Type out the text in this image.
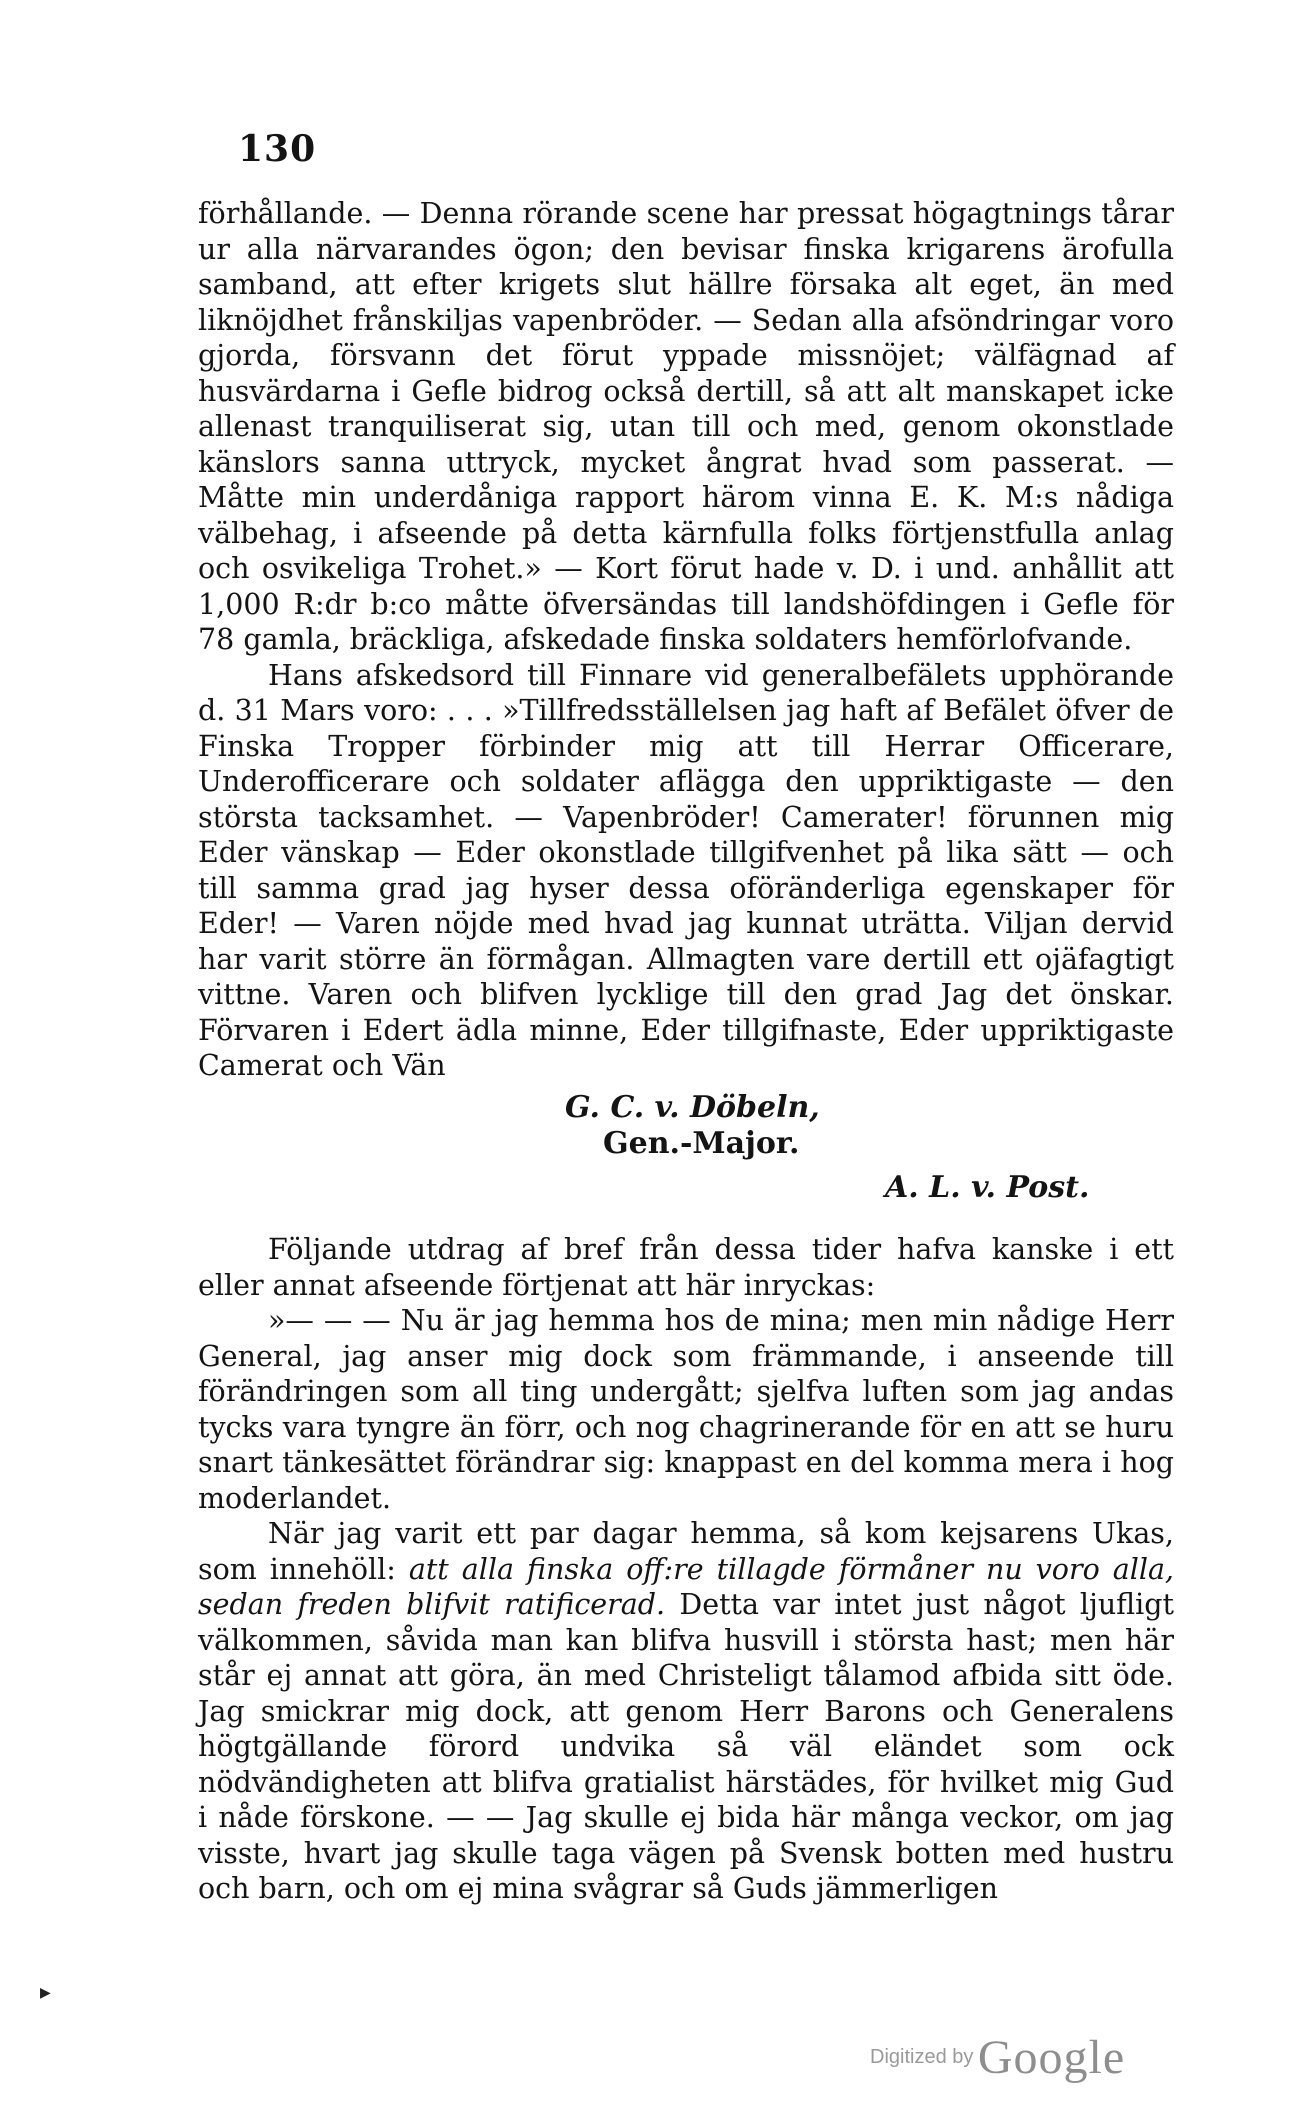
130

förhållande. — Denna rörande scene har pressat högagtnings tårar ur alla närvarandes ögon; den bevisar finska krigarens ärofulla samband, att efter krigets slut hällre försaka alt eget, än med liknöjdhet frånskiljas vapenbröder. — Sedan alla afsöndringar voro gjorda, försvann det förut yppade missnöjet; välfägnad af husvärdarna i Gefle bidrog också dertill, så att alt manskapet icke allenast tranquiliserat sig, utan till och med, genom okonstlade känslors sanna uttryck, mycket ångrat hvad som passerat. — Måtte min underdåniga rapport härom vinna E. K. M:s nådiga välbehag, i afseende på detta kärnfulla folks förtjenstfulla anlag och osvikeliga Trohet.» — Kort förut hade v. D. i und. anhållit att 1,000 R:dr b:co måtte öfversändas till landshöfdingen i Gefle för 78 gamla, bräckliga, afskedade finska soldaters hemförlofvande.

Hans afskedsord till Finnare vid generalbefälets upphörande d. 31 Mars voro: . . . »Tillfredsställelsen jag haft af Befälet öfver de Finska Tropper förbinder mig att till Herrar Officerare, Underofficerare och soldater aflägga den uppriktigaste — den största tacksamhet. — Vapenbröder! Camerater! förunnen mig Eder vänskap — Eder okonstlade tillgifvenhet på lika sätt — och till samma grad jag hyser dessa oföränderliga egenskaper för Eder! — Varen nöjde med hvad jag kunnat uträtta. Viljan dervid har varit större än förmågan. Allmagten vare dertill ett ojäfagtigt vittne. Varen och blifven lycklige till den grad Jag det önskar. Förvaren i Edert ädla minne, Eder tillgifnaste, Eder uppriktigaste Camerat och Vän

G. C. v. Döbeln,
Gen.-Major.
A. L. v. Post.

Följande utdrag af bref från dessa tider hafva kanske i ett eller annat afseende förtjenat att här inryckas:

»— — — Nu är jag hemma hos de mina; men min nådige Herr General, jag anser mig dock som främmande, i anseende till förändringen som all ting undergått; sjelfva luften som jag andas tycks vara tyngre än förr, och nog chagrinerande för en att se huru snart tänkesättet förändrar sig: knappast en del komma mera i hog moderlandet.

När jag varit ett par dagar hemma, så kom kejsarens Ukas, som innehöll: att alla finska off:re tillagde förmåner nu voro alla, sedan freden blifvit ratificerad. Detta var intet just något ljufligt välkommen, såvida man kan blifva husvill i största hast; men här står ej annat att göra, än med Christeligt tålamod afbida sitt öde. Jag smickrar mig dock, att genom Herr Barons och Generalens högtgällande förord undvika så väl eländet som ock nödvändigheten att blifva gratialist härstädes, för hvilket mig Gud i nåde förskone. — — Jag skulle ej bida här många veckor, om jag visste, hvart jag skulle taga vägen på Svensk botten med hustru och barn, och om ej mina svågrar så Guds jämmerligen

▶
Digitized by Google
